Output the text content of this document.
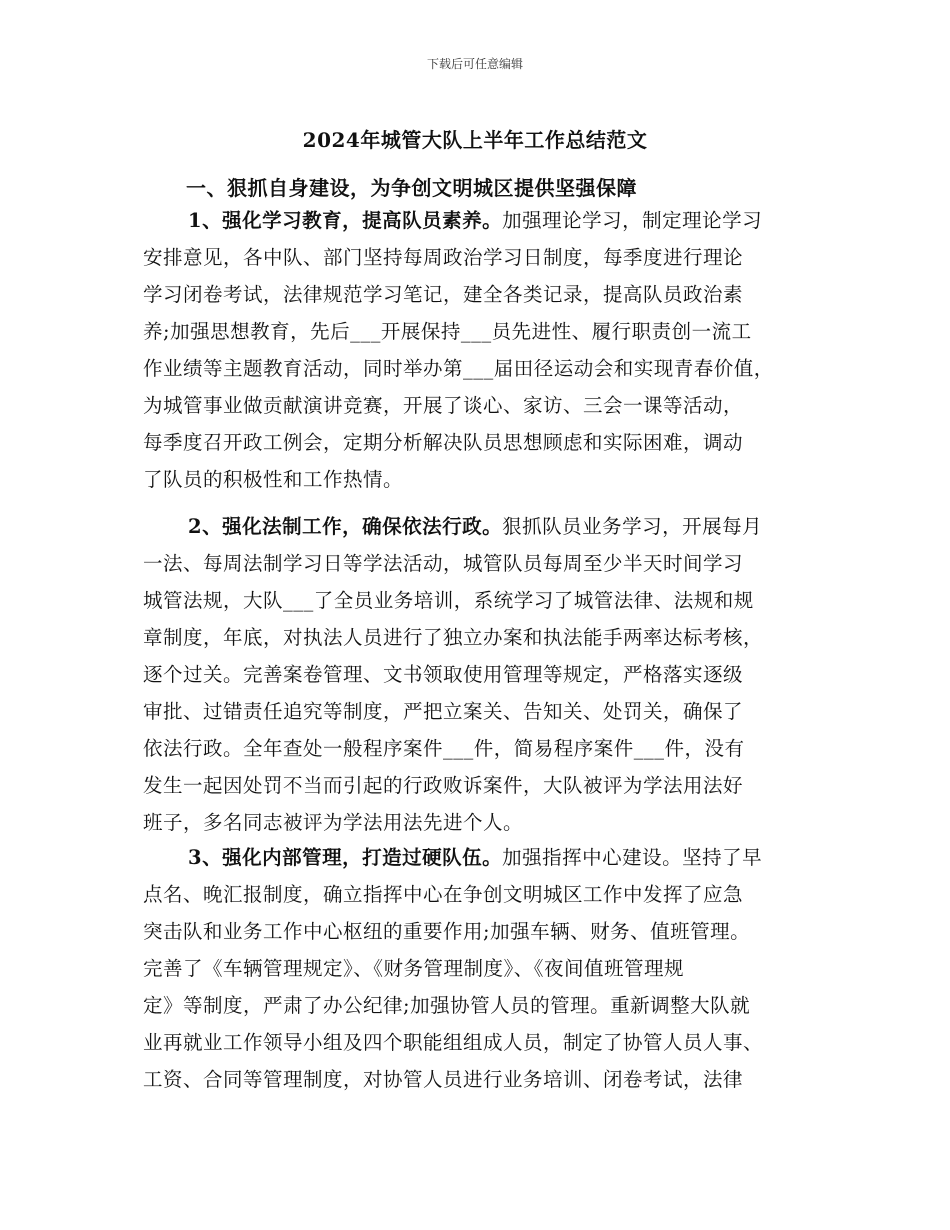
下载后可任意编辑
2024年城管大队上半年工作总结范文
一、狠抓自身建设，为争创文明城区提供坚强保障
1、强化学习教育，提高队员素养。加强理论学习，制定理论学习
安排意见，各中队、部门坚持每周政治学习日制度，每季度进行理论
学习闭卷考试，法律规范学习笔记，建全各类记录，提高队员政治素
养;加强思想教育，先后___开展保持___员先进性、履行职责创一流工
作业绩等主题教育活动，同时举办第___届田径运动会和实现青春价值，
为城管事业做贡献演讲竞赛，开展了谈心、家访、三会一课等活动，
每季度召开政工例会，定期分析解决队员思想顾虑和实际困难，调动
了队员的积极性和工作热情。
2、强化法制工作，确保依法行政。狠抓队员业务学习，开展每月
一法、每周法制学习日等学法活动，城管队员每周至少半天时间学习
城管法规，大队___了全员业务培训，系统学习了城管法律、法规和规
章制度，年底，对执法人员进行了独立办案和执法能手两率达标考核，
逐个过关。完善案卷管理、文书领取使用管理等规定，严格落实逐级
审批、过错责任追究等制度，严把立案关、告知关、处罚关，确保了
依法行政。全年查处一般程序案件___件，简易程序案件___件，没有
发生一起因处罚不当而引起的行政败诉案件，大队被评为学法用法好
班子，多名同志被评为学法用法先进个人。
3、强化内部管理，打造过硬队伍。加强指挥中心建设。坚持了早
点名、晚汇报制度，确立指挥中心在争创文明城区工作中发挥了应急
突击队和业务工作中心枢纽的重要作用;加强车辆、财务、值班管理。
完善了《车辆管理规定》、《财务管理制度》、《夜间值班管理规
定》等制度，严肃了办公纪律;加强协管人员的管理。重新调整大队就
业再就业工作领导小组及四个职能组组成人员，制定了协管人员人事、
工资、合同等管理制度，对协管人员进行业务培训、闭卷考试，法律
